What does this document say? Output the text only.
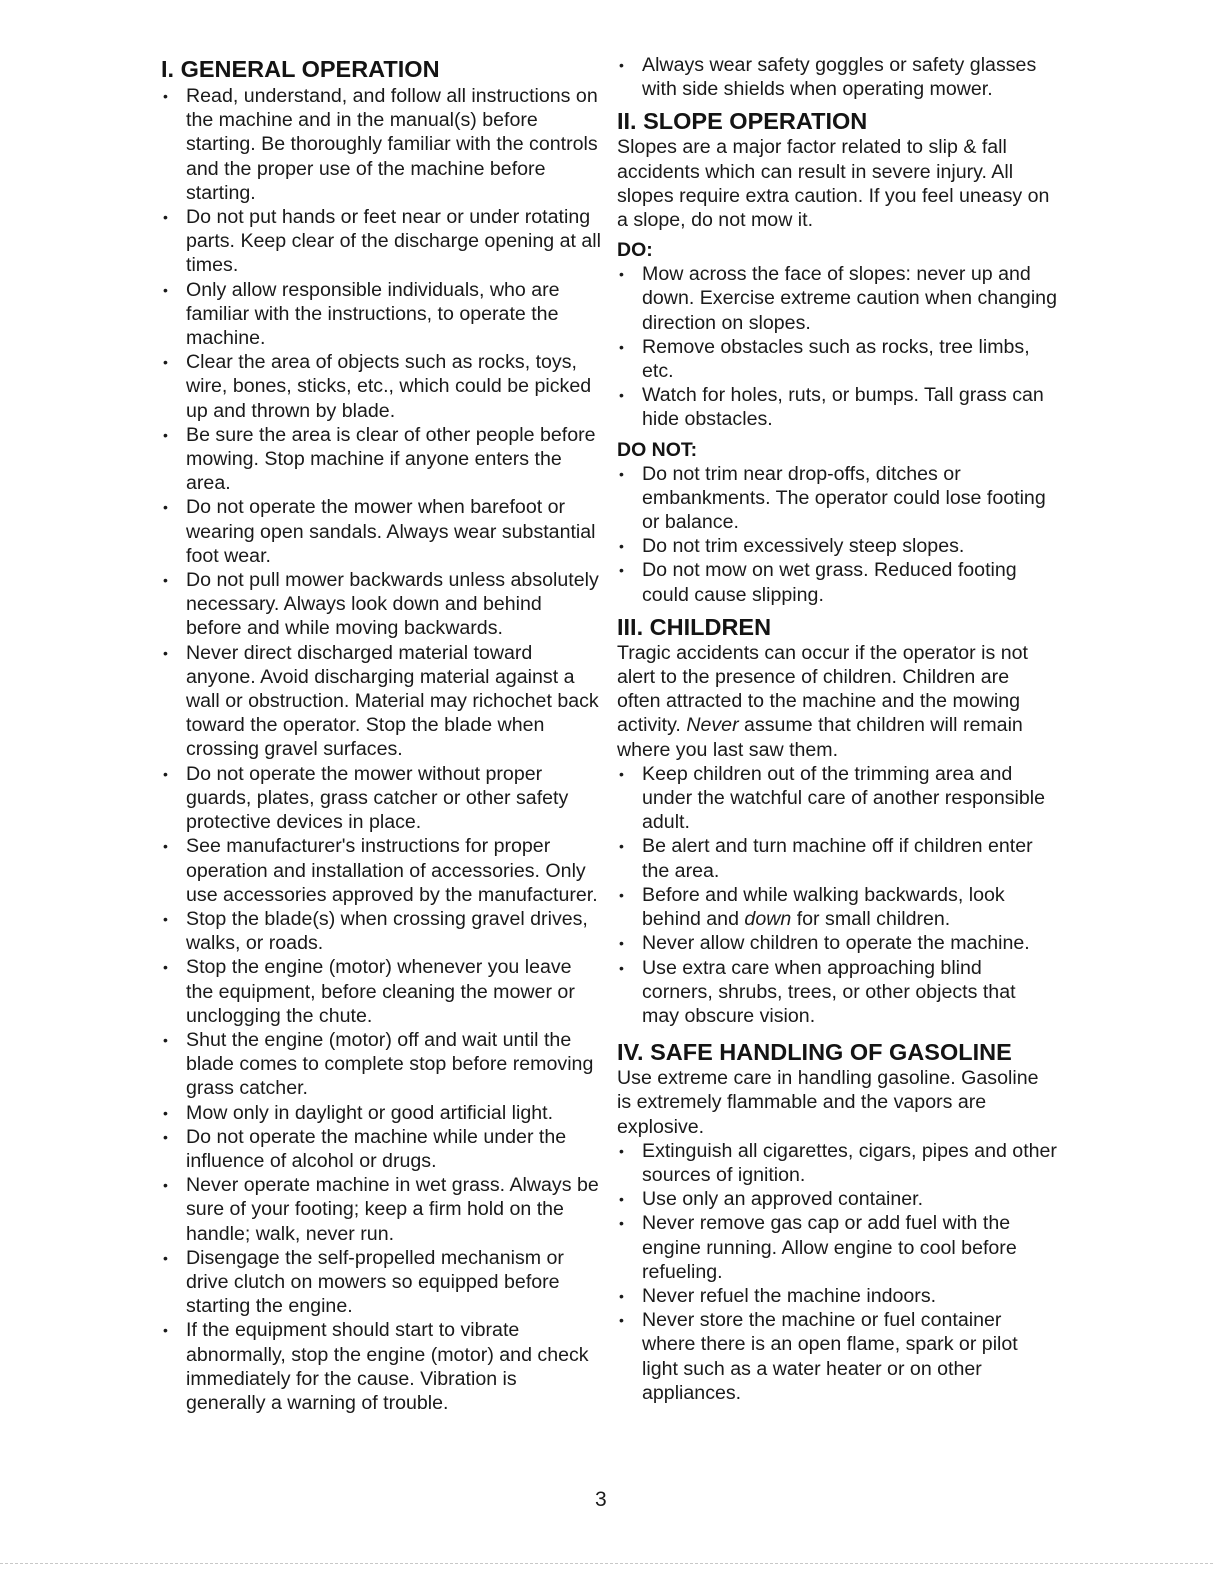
I. GENERAL OPERATION
• Read, understand, and follow all instructions on the machine and in the manual(s) before starting. Be thoroughly familiar with the controls and the proper use of the machine before starting.
• Do not put hands or feet near or under rotating parts. Keep clear of the discharge opening at all times.
• Only allow responsible individuals, who are familiar with the instructions, to operate the machine.
• Clear the area of objects such as rocks, toys, wire, bones, sticks, etc., which could be picked up and thrown by blade.
• Be sure the area is clear of other people before mowing. Stop machine if anyone enters the area.
• Do not operate the mower when barefoot or wearing open sandals. Always wear substantial foot wear.
• Do not pull mower backwards unless absolutely necessary. Always look down and behind before and while moving backwards.
• Never direct discharged material toward anyone. Avoid discharging material against a wall or obstruction. Material may richochet back toward the operator. Stop the blade when crossing gravel surfaces.
• Do not operate the mower without proper guards, plates, grass catcher or other safety protective devices in place.
• See manufacturer's instructions for proper operation and installation of accessories. Only use accessories approved by the manufacturer.
• Stop the blade(s) when crossing gravel drives, walks, or roads.
• Stop the engine (motor) whenever you leave the equipment, before cleaning the mower or unclogging the chute.
• Shut the engine (motor) off and wait until the blade comes to complete stop before removing grass catcher.
• Mow only in daylight or good artificial light.
• Do not operate the machine while under the influence of alcohol or drugs.
• Never operate machine in wet grass. Always be sure of your footing; keep a firm hold on the handle; walk, never run.
• Disengage the self-propelled mechanism or drive clutch on mowers so equipped before starting the engine.
• If the equipment should start to vibrate abnormally, stop the engine (motor) and check immediately for the cause. Vibration is generally a warning of trouble.
• Always wear safety goggles or safety glasses with side shields when operating mower.
II. SLOPE OPERATION

Slopes are a major factor related to slip & fall accidents which can result in severe injury. All slopes require extra caution. If you feel uneasy on a slope, do not mow it.

DO:
• Mow across the face of slopes: never up and down. Exercise extreme caution when changing direction on slopes.
• Remove obstacles such as rocks, tree limbs, etc.
• Watch for holes, ruts, or bumps. Tall grass can hide obstacles.
DO NOT:
• Do not trim near drop-offs, ditches or embankments. The operator could lose footing or balance.
• Do not trim excessively steep slopes.
• Do not mow on wet grass. Reduced footing could cause slipping.
III. CHILDREN

Tragic accidents can occur if the operator is not alert to the presence of children. Children are often attracted to the machine and the mowing activity. Never assume that children will remain where you last saw them.

• Keep children out of the trimming area and under the watchful care of another responsible adult.
• Be alert and turn machine off if children enter the area.
• Before and while walking backwards, look behind and down for small children.
• Never allow children to operate the machine.
• Use extra care when approaching blind corners, shrubs, trees, or other objects that may obscure vision.
IV. SAFE HANDLING OF GASOLINE

Use extreme care in handling gasoline. Gasoline is extremely flammable and the vapors are explosive.

• Extinguish all cigarettes, cigars, pipes and other sources of ignition.
• Use only an approved container.
• Never remove gas cap or add fuel with the engine running. Allow engine to cool before refueling.
• Never refuel the machine indoors.
• Never store the machine or fuel container where there is an open flame, spark or pilot light such as a water heater or on other appliances.
3
